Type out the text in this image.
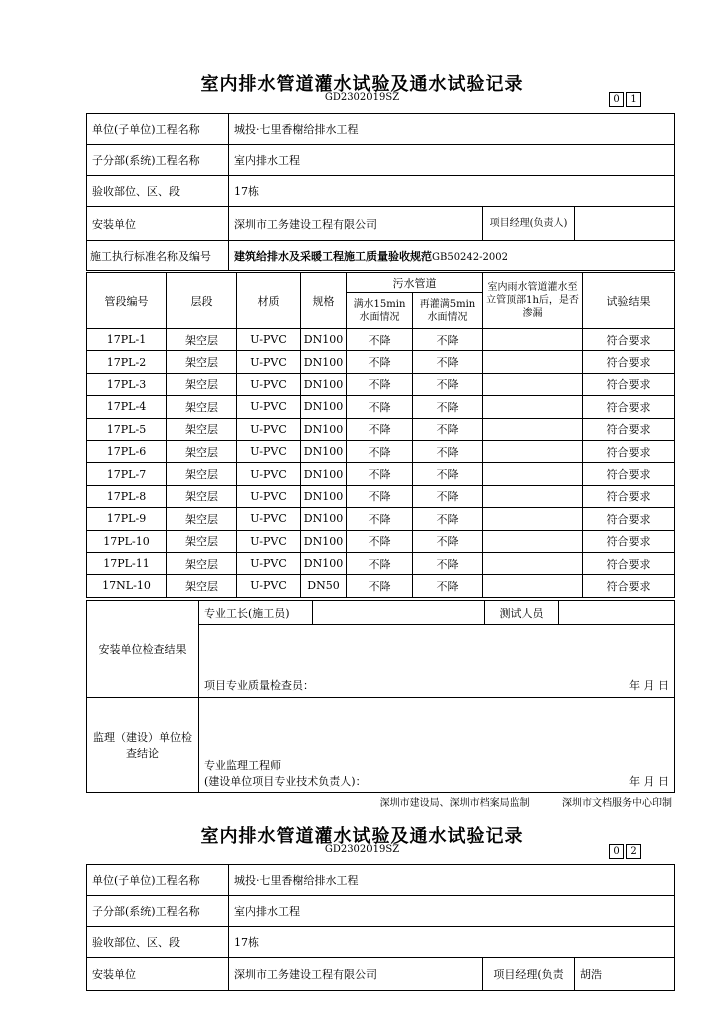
室内排水管道灌水试验及通水试验记录
GD2302019SZ	0 1
单位(子单位)工程名称	城投·七里香榭给排水工程		
子分部(系统)工程名称	室内排水工程		
验收部位、区、段	17栋		
安装单位	深圳市工务建设工程有限公司	项目经理(负责人)	
施工执行标准名称及编号	建筑给排水及采暖工程施工质量验收规范GB50242-2002		
管段编号	层段	材质	规格	污水管道		室内雨水管道灌水至立管顶部1h后，是否渗漏	试验结果
				满水15min水面情况	再灌满5min水面情况		
17PL-1	架空层	U-PVC	DN100	不降	不降		符合要求
17PL-2	架空层	U-PVC	DN100	不降	不降		符合要求
17PL-3	架空层	U-PVC	DN100	不降	不降		符合要求
17PL-4	架空层	U-PVC	DN100	不降	不降		符合要求
17PL-5	架空层	U-PVC	DN100	不降	不降		符合要求
17PL-6	架空层	U-PVC	DN100	不降	不降		符合要求
17PL-7	架空层	U-PVC	DN100	不降	不降		符合要求
17PL-8	架空层	U-PVC	DN100	不降	不降		符合要求
17PL-9	架空层	U-PVC	DN100	不降	不降		符合要求
17PL-10	架空层	U-PVC	DN100	不降	不降		符合要求
17PL-11	架空层	U-PVC	DN100	不降	不降		符合要求
17NL-10	架空层	U-PVC	DN50	不降	不降		符合要求
安装单位检查结果	专业工长(施工员)		测试人员	

	项目专业质量检查员： 年 月 日			

监理（建设）单位检查结论	专业监理工程师
(建设单位项目专业技术负责人)： 年 月 日			
深圳市建设局、深圳市档案局监制	深圳市文档服务中心印制
室内排水管道灌水试验及通水试验记录
GD2302019SZ	0 2
单位(子单位)工程名称	城投·七里香榭给排水工程		
子分部(系统)工程名称	室内排水工程		
验收部位、区、段	17栋		
安装单位	深圳市工务建设工程有限公司	项目经理(负责	胡浩
